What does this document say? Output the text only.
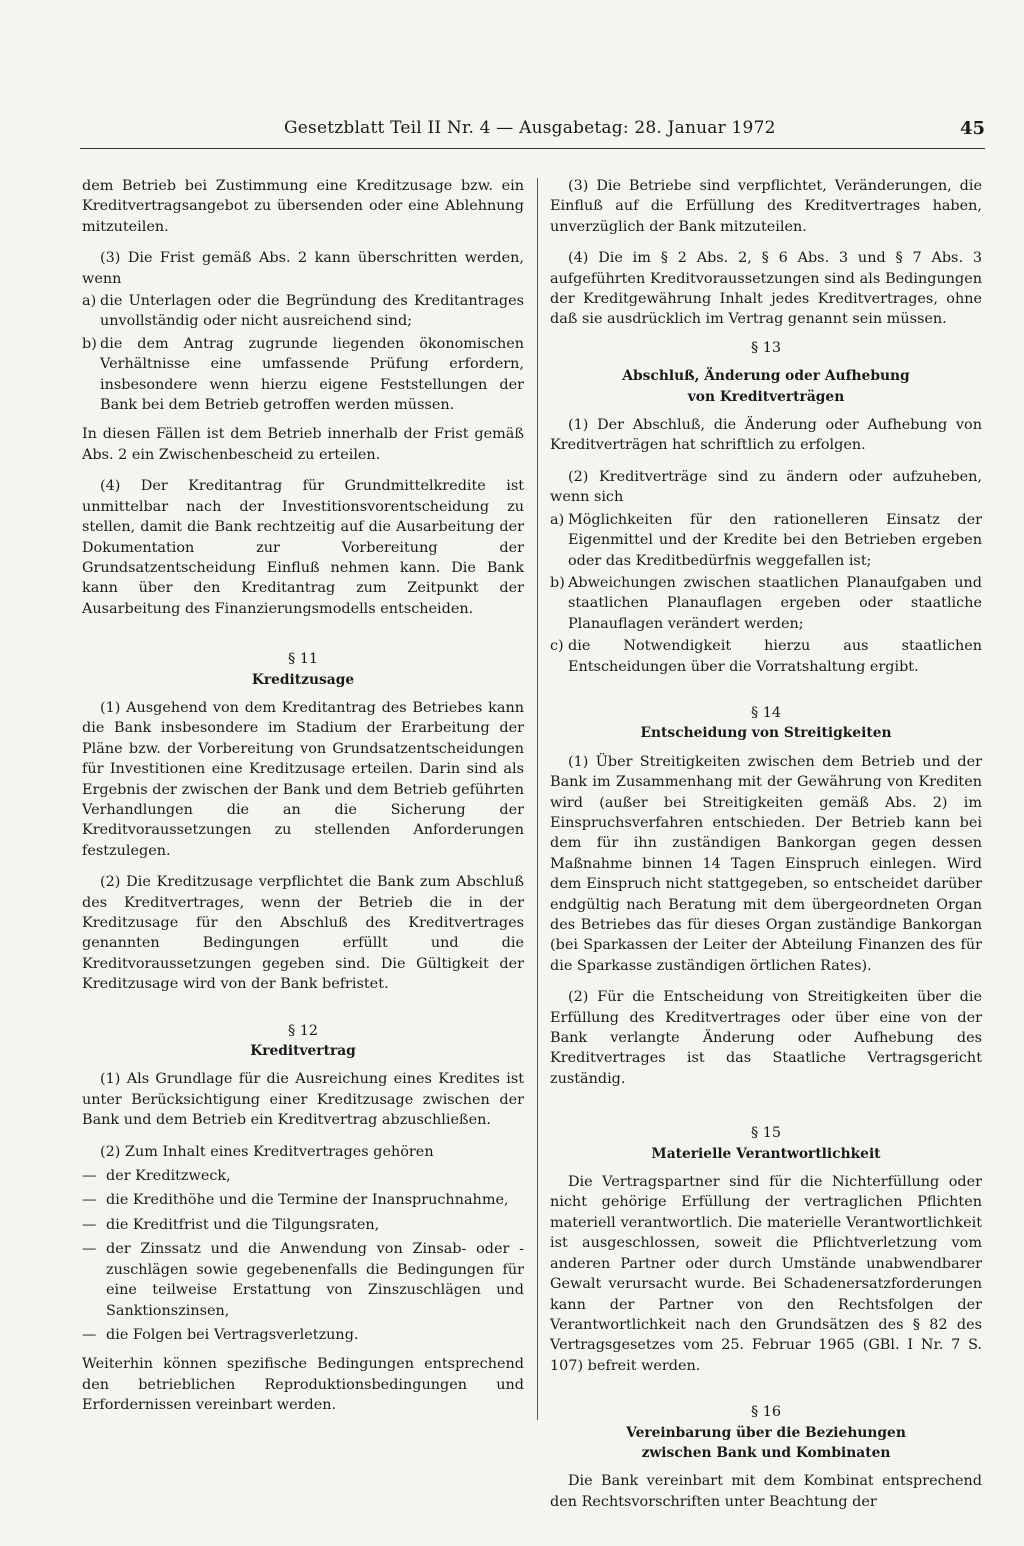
Gesetzblatt Teil II Nr. 4 — Ausgabetag: 28. Januar 1972	45

dem Betrieb bei Zustimmung eine Kreditzusage bzw. ein Kreditvertragsangebot zu übersenden oder eine Ablehnung mitzuteilen.

(3) Die Frist gemäß Abs. 2 kann überschritten werden, wenn

a) die Unterlagen oder die Begründung des Kreditantrages unvollständig oder nicht ausreichend sind;
b) die dem Antrag zugrunde liegenden ökonomischen Verhältnisse eine umfassende Prüfung erfordern, insbesondere wenn hierzu eigene Feststellungen der Bank bei dem Betrieb getroffen werden müssen.

In diesen Fällen ist dem Betrieb innerhalb der Frist gemäß Abs. 2 ein Zwischenbescheid zu erteilen.

(4) Der Kreditantrag für Grundmittelkredite ist unmittelbar nach der Investitionsvorentscheidung zu stellen, damit die Bank rechtzeitig auf die Ausarbeitung der Dokumentation zur Vorbereitung der Grundsatzentscheidung Einfluß nehmen kann. Die Bank kann über den Kreditantrag zum Zeitpunkt der Ausarbeitung des Finanzierungsmodells entscheiden.

§ 11

Kreditzusage

(1) Ausgehend von dem Kreditantrag des Betriebes kann die Bank insbesondere im Stadium der Erarbeitung der Pläne bzw. der Vorbereitung von Grundsatzentscheidungen für Investitionen eine Kreditzusage erteilen. Darin sind als Ergebnis der zwischen der Bank und dem Betrieb geführten Verhandlungen die an die Sicherung der Kreditvoraussetzungen zu stellenden Anforderungen festzulegen.

(2) Die Kreditzusage verpflichtet die Bank zum Abschluß des Kreditvertrages, wenn der Betrieb die in der Kreditzusage für den Abschluß des Kreditvertrages genannten Bedingungen erfüllt und die Kreditvoraussetzungen gegeben sind. Die Gültigkeit der Kreditzusage wird von der Bank befristet.

§ 12

Kreditvertrag

(1) Als Grundlage für die Ausreichung eines Kredites ist unter Berücksichtigung einer Kreditzusage zwischen der Bank und dem Betrieb ein Kreditvertrag abzuschließen.

(2) Zum Inhalt eines Kreditvertrages gehören

— der Kreditzweck,
— die Kredithöhe und die Termine der Inanspruchnahme,
— die Kreditfrist und die Tilgungsraten,
— der Zinssatz und die Anwendung von Zinsab- oder -zuschlägen sowie gegebenenfalls die Bedingungen für eine teilweise Erstattung von Zinszuschlägen und Sanktionszinsen,
— die Folgen bei Vertragsverletzung.

Weiterhin können spezifische Bedingungen entsprechend den betrieblichen Reproduktionsbedingungen und Erfordernissen vereinbart werden.

(3) Die Betriebe sind verpflichtet, Veränderungen, die Einfluß auf die Erfüllung des Kreditvertrages haben, unverzüglich der Bank mitzuteilen.

(4) Die im § 2 Abs. 2, § 6 Abs. 3 und § 7 Abs. 3 aufgeführten Kreditvoraussetzungen sind als Bedingungen der Kreditgewährung Inhalt jedes Kreditvertrages, ohne daß sie ausdrücklich im Vertrag genannt sein müssen.

§ 13

Abschluß, Änderung oder Aufhebung

von Kreditverträgen

(1) Der Abschluß, die Änderung oder Aufhebung von Kreditverträgen hat schriftlich zu erfolgen.

(2) Kreditverträge sind zu ändern oder aufzuheben, wenn sich

a) Möglichkeiten für den rationelleren Einsatz der Eigenmittel und der Kredite bei den Betrieben ergeben oder das Kreditbedürfnis weggefallen ist;
b) Abweichungen zwischen staatlichen Planaufgaben und staatlichen Planauflagen ergeben oder staatliche Planauflagen verändert werden;
c) die Notwendigkeit hierzu aus staatlichen Entscheidungen über die Vorratshaltung ergibt.

§ 14

Entscheidung von Streitigkeiten

(1) Über Streitigkeiten zwischen dem Betrieb und der Bank im Zusammenhang mit der Gewährung von Krediten wird (außer bei Streitigkeiten gemäß Abs. 2) im Einspruchsverfahren entschieden. Der Betrieb kann bei dem für ihn zuständigen Bankorgan gegen dessen Maßnahme binnen 14 Tagen Einspruch einlegen. Wird dem Einspruch nicht stattgegeben, so entscheidet darüber endgültig nach Beratung mit dem übergeordneten Organ des Betriebes das für dieses Organ zuständige Bankorgan (bei Sparkassen der Leiter der Abteilung Finanzen des für die Sparkasse zuständigen örtlichen Rates).

(2) Für die Entscheidung von Streitigkeiten über die Erfüllung des Kreditvertrages oder über eine von der Bank verlangte Änderung oder Aufhebung des Kreditvertrages ist das Staatliche Vertragsgericht zuständig.

§ 15

Materielle Verantwortlichkeit

Die Vertragspartner sind für die Nichterfüllung oder nicht gehörige Erfüllung der vertraglichen Pflichten materiell verantwortlich. Die materielle Verantwortlichkeit ist ausgeschlossen, soweit die Pflichtverletzung vom anderen Partner oder durch Umstände unabwendbarer Gewalt verursacht wurde. Bei Schadenersatzforderungen kann der Partner von den Rechtsfolgen der Verantwortlichkeit nach den Grundsätzen des § 82 des Vertragsgesetzes vom 25. Februar 1965 (GBl. I Nr. 7 S. 107) befreit werden.

§ 16

Vereinbarung über die Beziehungen

zwischen Bank und Kombinaten

Die Bank vereinbart mit dem Kombinat entsprechend den Rechtsvorschriften unter Beachtung der
